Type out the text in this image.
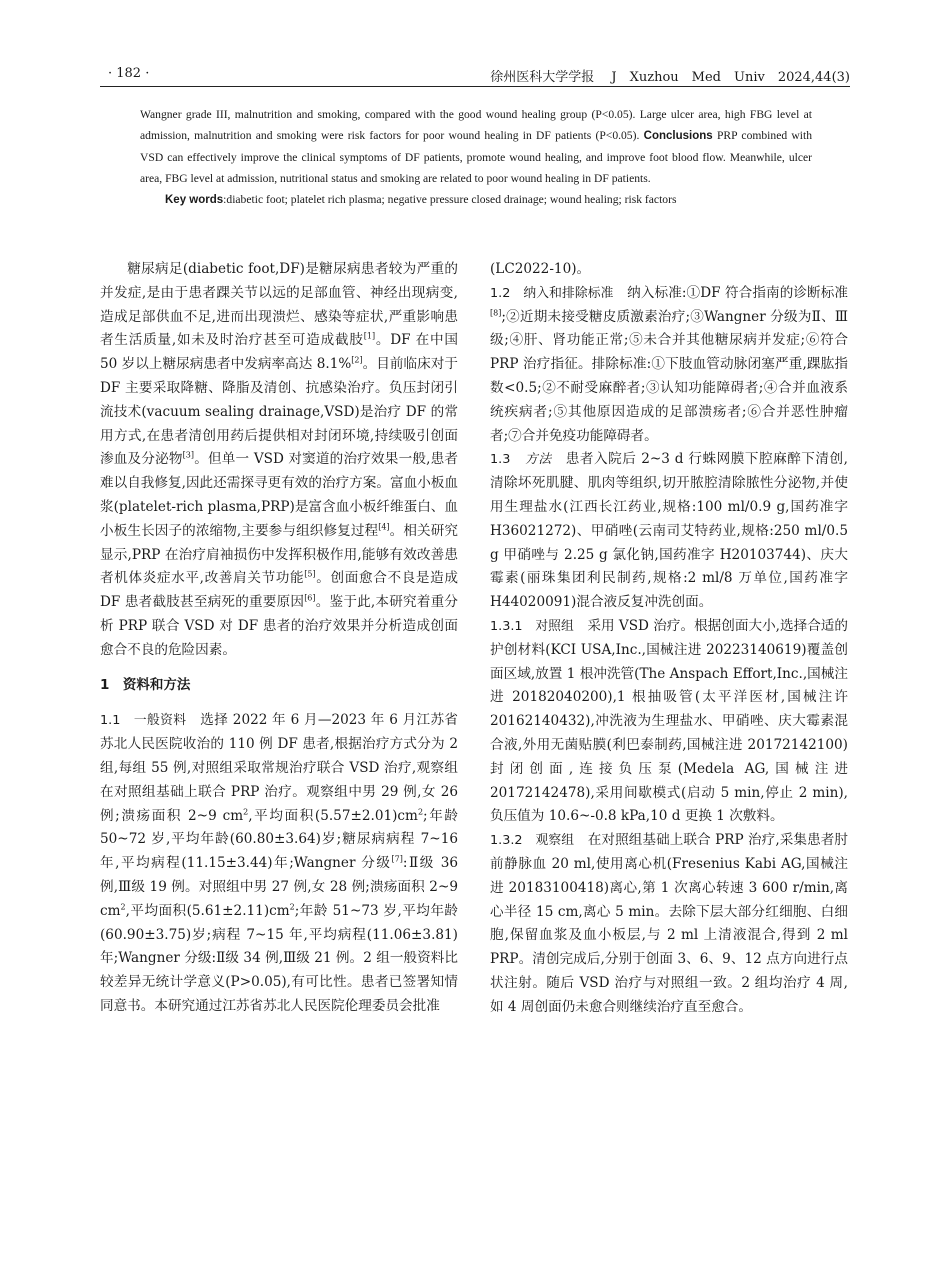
· 182 ·	徐州医科大学学报　 J　Xuzhou　Med　Univ　2024,44(3)

Wangner grade III, malnutrition and smoking, compared with the good wound healing group (P<0.05). Large ulcer area, high FBG level at admission, malnutrition and smoking were risk factors for poor wound healing in DF patients (P<0.05). Conclusions PRP combined with VSD can effectively improve the clinical symptoms of DF patients, promote wound healing, and improve foot blood flow. Meanwhile, ulcer area, FBG level at admission, nutritional status and smoking are related to poor wound healing in DF patients.

Key words:diabetic foot; platelet rich plasma; negative pressure closed drainage; wound healing; risk factors

糖尿病足(diabetic foot,DF)是糖尿病患者较为严重的并发症,是由于患者踝关节以远的足部血管、神经出现病变,造成足部供血不足,进而出现溃烂、感染等症状,严重影响患者生活质量,如未及时治疗甚至可造成截肢[1]。DF 在中国 50 岁以上糖尿病患者中发病率高达 8.1%[2]。目前临床对于 DF 主要采取降糖、降脂及清创、抗感染治疗。负压封闭引流技术(vacuum sealing drainage,VSD)是治疗 DF 的常用方式,在患者清创用药后提供相对封闭环境,持续吸引创面渗血及分泌物[3]。但单一 VSD 对窦道的治疗效果一般,患者难以自我修复,因此还需探寻更有效的治疗方案。富血小板血浆(platelet-rich plasma,PRP)是富含血小板纤维蛋白、血小板生长因子的浓缩物,主要参与组织修复过程[4]。相关研究显示,PRP 在治疗肩袖损伤中发挥积极作用,能够有效改善患者机体炎症水平,改善肩关节功能[5]。创面愈合不良是造成 DF 患者截肢甚至病死的重要原因[6]。鉴于此,本研究着重分析 PRP 联合 VSD 对 DF 患者的治疗效果并分析造成创面愈合不良的危险因素。

1　资料和方法

1.1　一般资料　选择 2022 年 6 月—2023 年 6 月江苏省苏北人民医院收治的 110 例 DF 患者,根据治疗方式分为 2 组,每组 55 例,对照组采取常规治疗联合 VSD 治疗,观察组在对照组基础上联合 PRP 治疗。观察组中男 29 例,女 26 例;溃疡面积 2~9 $cm^2$,平均面积$(5.57\pm 2.01)cm^2$;年龄 50~72 岁,平均年龄(60.80±3.64)岁;糖尿病病程 7~16 年,平均病程(11.15±3.44)年;Wangner 分级[7]:Ⅱ级 36 例,Ⅲ级 19 例。对照组中男 27 例,女 28 例;溃疡面积 2~9 $cm^2$,平均面积$(5.61\pm 2.11)cm^2$;年龄 51~73 岁,平均年龄(60.90±3.75)岁;病程 7~15 年,平均病程(11.06±3.81)年;Wangner 分级:Ⅱ级 34 例,Ⅲ级 21 例。2 组一般资料比较差异无统计学意义(P>0.05),有可比性。患者已签署知情同意书。本研究通过江苏省苏北人民医院伦理委员会批准

(LC2022-10)。

1.2　纳入和排除标准　纳入标准:①DF 符合指南的诊断标准[8];②近期未接受糖皮质激素治疗;③Wangner 分级为Ⅱ、Ⅲ级;④肝、肾功能正常;⑤未合并其他糖尿病并发症;⑥符合 PRP 治疗指征。排除标准:①下肢血管动脉闭塞严重,踝肱指数<0.5;②不耐受麻醉者;③认知功能障碍者;④合并血液系统疾病者;⑤其他原因造成的足部溃疡者;⑥合并恶性肿瘤者;⑦合并免疫功能障碍者。

1.3　 方法　患者入院后 2~3 d 行蛛网膜下腔麻醉下清创,清除坏死肌腱、肌肉等组织,切开脓腔清除脓性分泌物,并使用生理盐水(江西长江药业,规格:100 ml/0.9 g,国药准字 H36021272)、甲硝唑(云南司艾特药业,规格:250 ml/0.5 g 甲硝唑与 2.25 g 氯化钠,国药准字 H20103744)、庆大霉素(丽珠集团利民制药,规格:2 ml/8 万单位,国药准字 H44020091)混合液反复冲洗创面。

1.3.1　对照组　采用 VSD 治疗。根据创面大小,选择合适的护创材料(KCI USA,Inc.,国械注进 20223140619)覆盖创面区域,放置 1 根冲洗管(The Anspach Effort,Inc.,国械注进 20182040200),1 根抽吸管(太平洋医材,国械注许 20162140432),冲洗液为生理盐水、甲硝唑、庆大霉素混合液,外用无菌贴膜(利巴泰制药,国械注进 20172142100)封闭创面,连接负压泵(Medela AG,国械注进 20172142478),采用间歇模式(启动 5 min,停止 2 min),负压值为 10.6~-0.8 kPa,10 d 更换 1 次敷料。

1.3.2　观察组　在对照组基础上联合 PRP 治疗,采集患者肘前静脉血 20 ml,使用离心机(Fresenius Kabi AG,国械注进 20183100418)离心,第 1 次离心转速 3 600 r/min,离心半径 15 cm,离心 5 min。去除下层大部分红细胞、白细胞,保留血浆及血小板层,与 2 ml 上清液混合,得到 2 ml PRP。清创完成后,分别于创面 3、6、9、12 点方向进行点状注射。随后 VSD 治疗与对照组一致。2 组均治疗 4 周,如 4 周创面仍未愈合则继续治疗直至愈合。
